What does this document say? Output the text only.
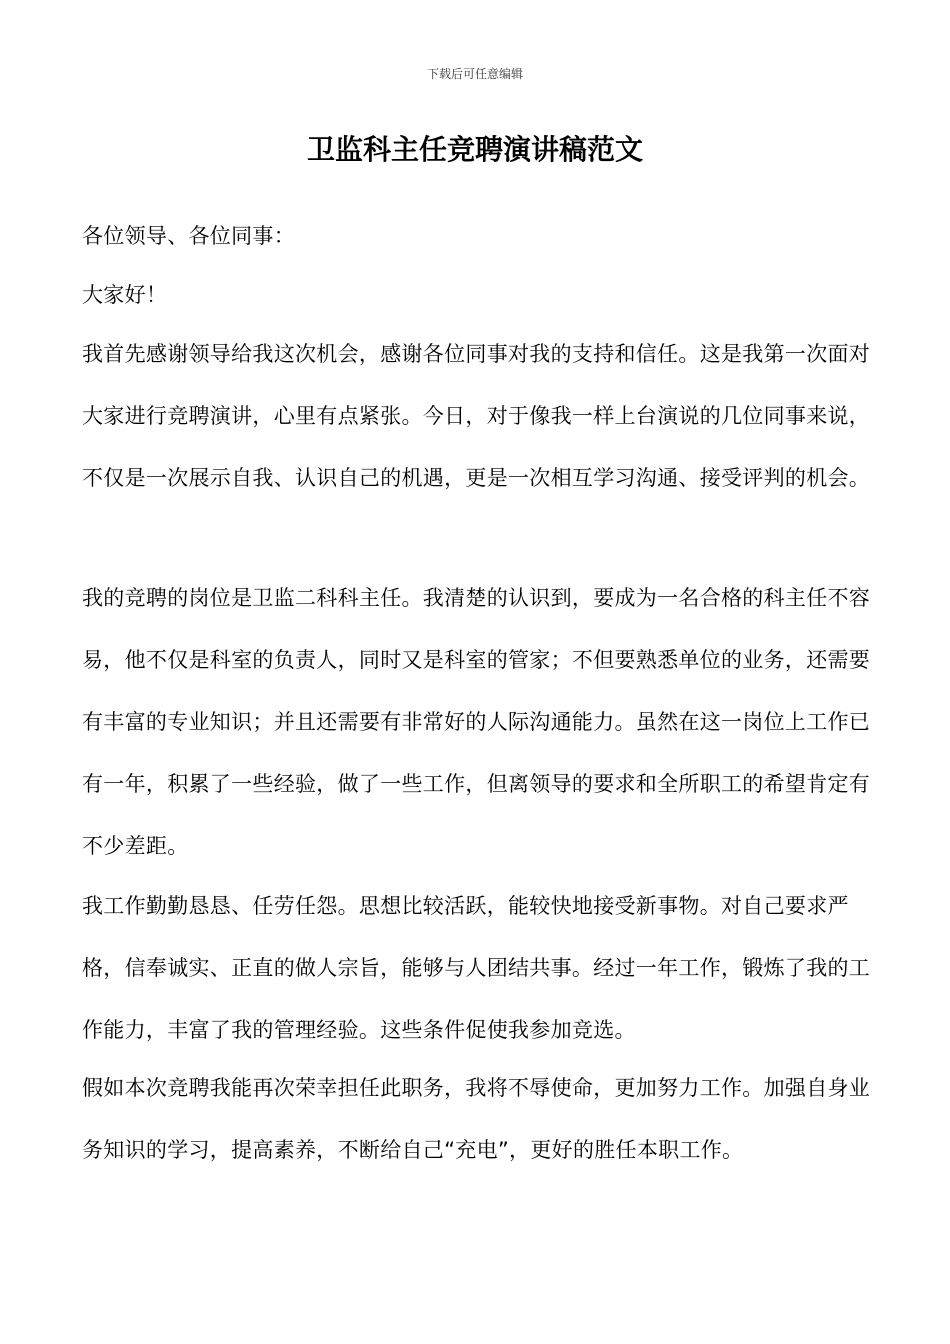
下载后可任意编辑
卫监科主任竞聘演讲稿范文

各位领导、各位同事：

大家好！

我首先感谢领导给我这次机会，感谢各位同事对我的支持和信任。这是我第一次面对大家进行竞聘演讲，心里有点紧张。今日，对于像我一样上台演说的几位同事来说，不仅是一次展示自我、认识自己的机遇，更是一次相互学习沟通、接受评判的机会。

我的竞聘的岗位是卫监二科科主任。我清楚的认识到，要成为一名合格的科主任不容易，他不仅是科室的负责人，同时又是科室的管家；不但要熟悉单位的业务，还需要有丰富的专业知识；并且还需要有非常好的人际沟通能力。虽然在这一岗位上工作已有一年，积累了一些经验，做了一些工作，但离领导的要求和全所职工的希望肯定有不少差距。

我工作勤勤恳恳、任劳任怨。思想比较活跃，能较快地接受新事物。对自己要求严格，信奉诚实、正直的做人宗旨，能够与人团结共事。经过一年工作，锻炼了我的工作能力，丰富了我的管理经验。这些条件促使我参加竞选。

假如本次竞聘我能再次荣幸担任此职务，我将不辱使命，更加努力工作。加强自身业务知识的学习，提高素养，不断给自己“充电”，更好的胜任本职工作。
